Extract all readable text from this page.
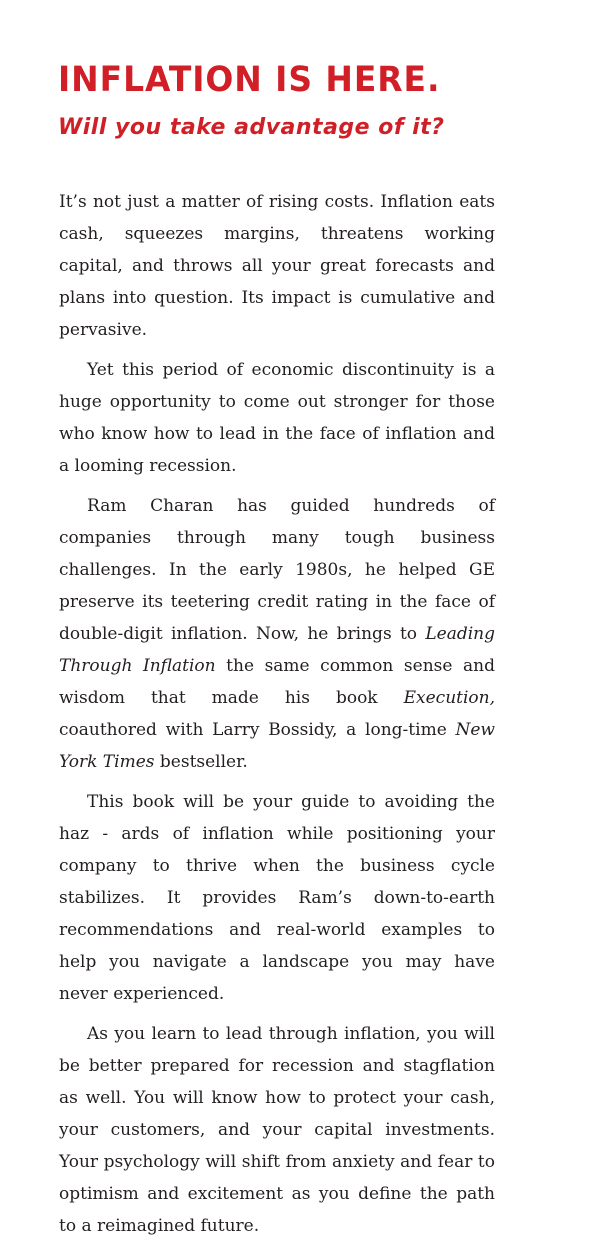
INFLATION IS HERE.
Will you take advantage of it?

It’s not just a matter of rising costs. Inflation eats cash, squeezes margins, threatens working capital, and throws all your great forecasts and plans into question. Its impact is cumulative and pervasive.

Yet this period of economic discontinuity is a huge opportunity to come out stronger for those who know how to lead in the face of inflation and a looming recession.

Ram Charan has guided hundreds of companies through many tough business challenges. In the early 1980s, he helped GE preserve its teetering credit rating in the face of double-digit inflation. Now, he brings to Leading Through Inflation the same common sense and wisdom that made his book Execution, coauthored with Larry Bossidy, a long-time New York Times bestseller.

This book will be your guide to avoiding the haz - ards of inflation while positioning your company to thrive when the business cycle stabilizes. It provides Ram’s down-to-earth recommendations and real-world examples to help you navigate a landscape you may have never experienced.

As you learn to lead through inflation, you will be better prepared for recession and stagflation as well. You will know how to protect your cash, your customers, and your capital investments. Your psychology will shift from anxiety and fear to optimism and excitement as you define the path to a reimagined future.
